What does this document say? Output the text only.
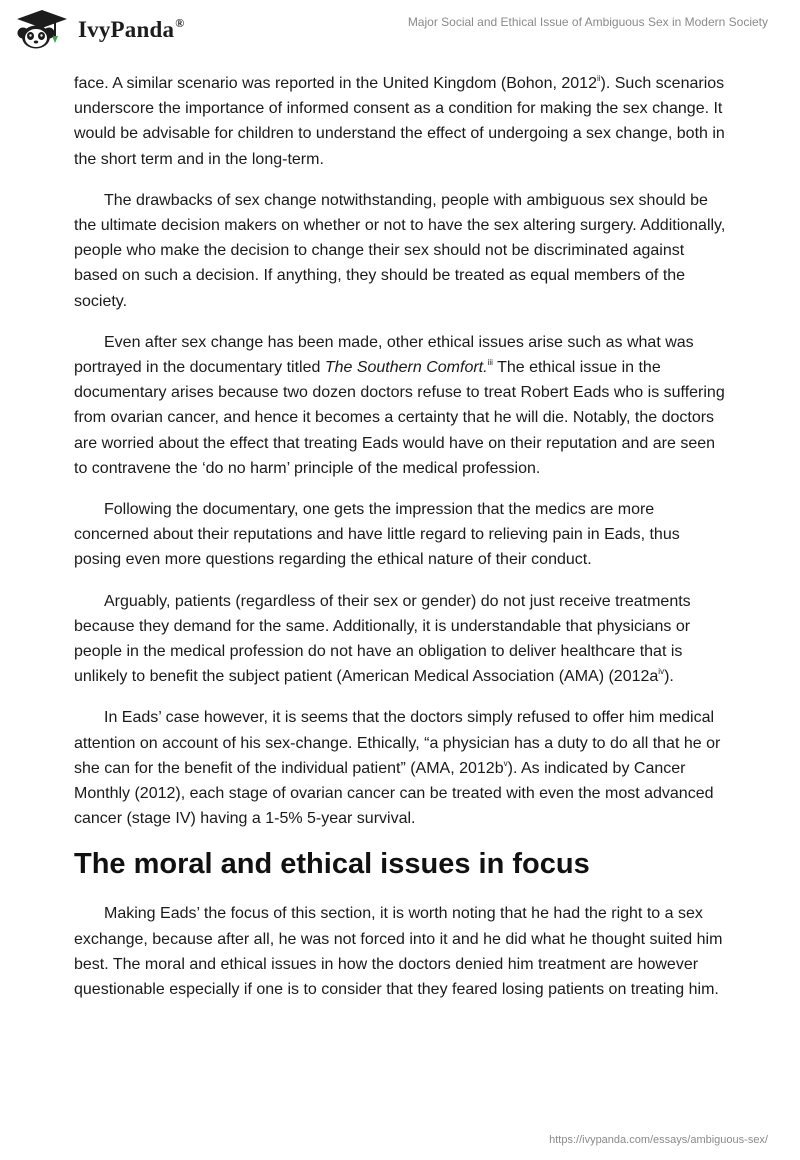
IvyPanda®	Major Social and Ethical Issue of Ambiguous Sex in Modern Society

face. A similar scenario was reported in the United Kingdom (Bohon, 2012$^{ii}$). Such scenarios underscore the importance of informed consent as a condition for making the sex change. It would be advisable for children to understand the effect of undergoing a sex change, both in the short term and in the long-term.

The drawbacks of sex change notwithstanding, people with ambiguous sex should be the ultimate decision makers on whether or not to have the sex altering surgery. Additionally, people who make the decision to change their sex should not be discriminated against based on such a decision. If anything, they should be treated as equal members of the society.

Even after sex change has been made, other ethical issues arise such as what was portrayed in the documentary titled The Southern Comfort.$^{iii}$ The ethical issue in the documentary arises because two dozen doctors refuse to treat Robert Eads who is suffering from ovarian cancer, and hence it becomes a certainty that he will die. Notably, the doctors are worried about the effect that treating Eads would have on their reputation and are seen to contravene the ‘do no harm’ principle of the medical profession.

Following the documentary, one gets the impression that the medics are more concerned about their reputations and have little regard to relieving pain in Eads, thus posing even more questions regarding the ethical nature of their conduct.

Arguably, patients (regardless of their sex or gender) do not just receive treatments because they demand for the same. Additionally, it is understandable that physicians or people in the medical profession do not have an obligation to deliver healthcare that is unlikely to benefit the subject patient (American Medical Association (AMA) (2012a$^{iv}$).

In Eads’ case however, it is seems that the doctors simply refused to offer him medical attention on account of his sex-change. Ethically, “a physician has a duty to do all that he or she can for the benefit of the individual patient” (AMA, 2012b$^v$). As indicated by Cancer Monthly (2012), each stage of ovarian cancer can be treated with even the most advanced cancer (stage IV) having a 1-5% 5-year survival.

The moral and ethical issues in focus

Making Eads’ the focus of this section, it is worth noting that he had the right to a sex exchange, because after all, he was not forced into it and he did what he thought suited him best. The moral and ethical issues in how the doctors denied him treatment are however questionable especially if one is to consider that they feared losing patients on treating him.

https://ivypanda.com/essays/ambiguous-sex/
